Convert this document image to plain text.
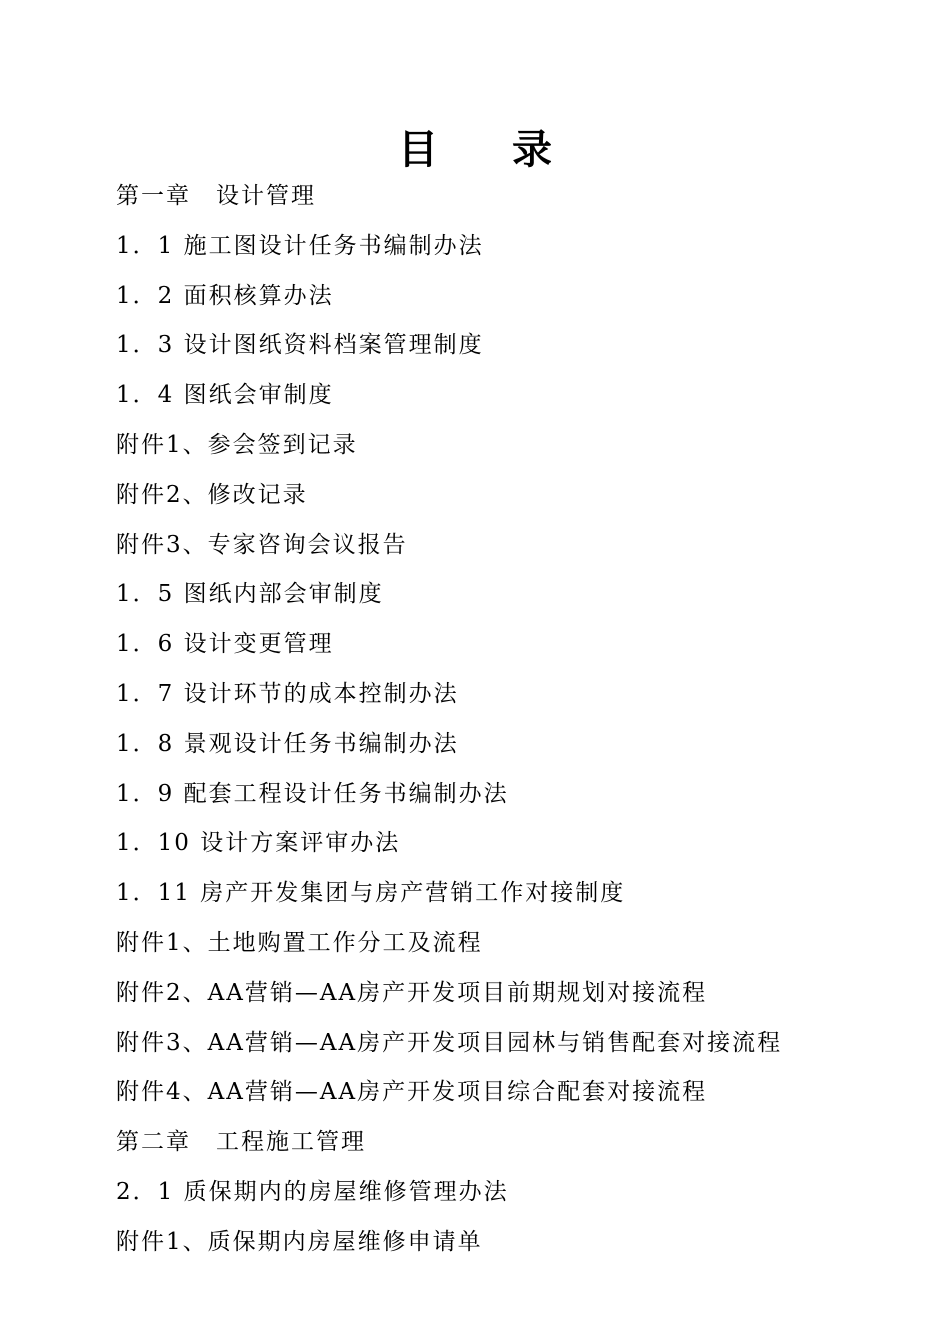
目 录
第一章　设计管理
1．1 施工图设计任务书编制办法
1．2 面积核算办法
1．3 设计图纸资料档案管理制度
1．4 图纸会审制度
附件1、参会签到记录
附件2、修改记录
附件3、专家咨询会议报告
1．5 图纸内部会审制度
1．6 设计变更管理
1．7 设计环节的成本控制办法
1．8 景观设计任务书编制办法
1．9 配套工程设计任务书编制办法
1．10 设计方案评审办法
1．11 房产开发集团与房产营销工作对接制度
附件1、土地购置工作分工及流程
附件2、AA营销—AA房产开发项目前期规划对接流程
附件3、AA营销—AA房产开发项目园林与销售配套对接流程
附件4、AA营销—AA房产开发项目综合配套对接流程
第二章　工程施工管理
2．1 质保期内的房屋维修管理办法
附件1、质保期内房屋维修申请单
